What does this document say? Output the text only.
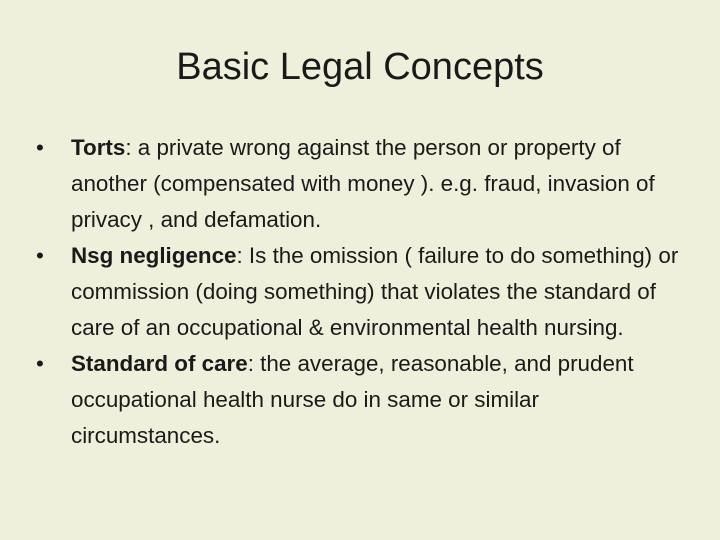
Basic Legal Concepts
•	Torts: a private wrong against the person or property of another (compensated with money ). e.g. fraud, invasion of privacy , and defamation.
•	Nsg negligence: Is the omission ( failure to do something) or commission (doing something) that violates the standard of care of an occupational & environmental health nursing.
•	Standard of care: the average, reasonable, and prudent occupational health nurse do in same or similar circumstances.
